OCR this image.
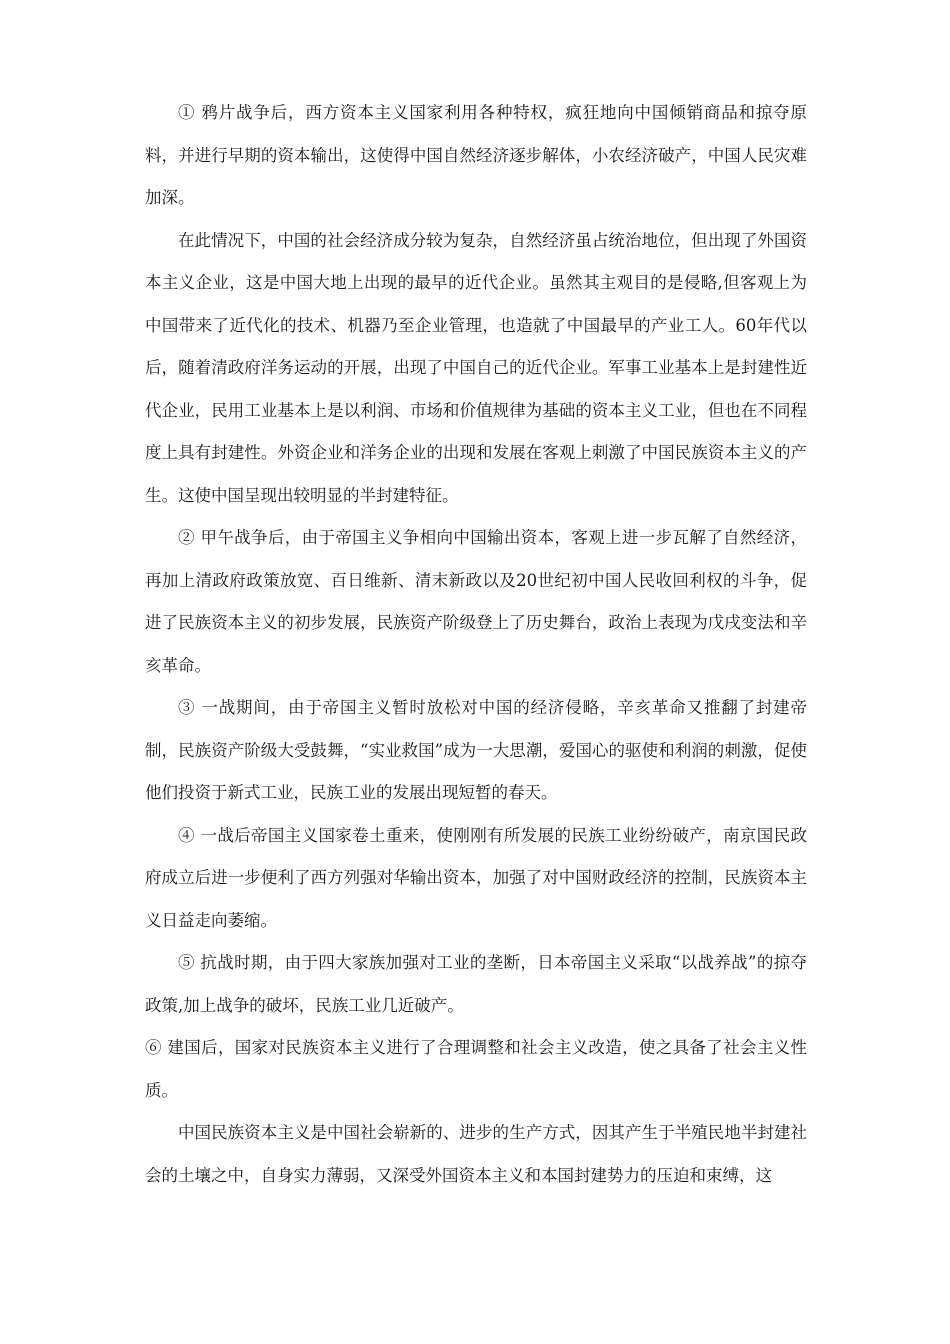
① 鸦片战争后，西方资本主义国家利用各种特权，疯狂地向中国倾销商品和掠夺原料，并进行早期的资本输出，这使得中国自然经济逐步解体，小农经济破产，中国人民灾难加深。

在此情况下，中国的社会经济成分较为复杂，自然经济虽占统治地位，但出现了外国资本主义企业，这是中国大地上出现的最早的近代企业。虽然其主观目的是侵略,但客观上为中国带来了近代化的技术、机器乃至企业管理，也造就了中国最早的产业工人。60年代以后，随着清政府洋务运动的开展，出现了中国自己的近代企业。军事工业基本上是封建性近代企业，民用工业基本上是以利润、市场和价值规律为基础的资本主义工业，但也在不同程度上具有封建性。外资企业和洋务企业的出现和发展在客观上刺激了中国民族资本主义的产生。这使中国呈现出较明显的半封建特征。

② 甲午战争后，由于帝国主义争相向中国输出资本，客观上进一步瓦解了自然经济，再加上清政府政策放宽、百日维新、清末新政以及20世纪初中国人民收回利权的斗争，促进了民族资本主义的初步发展，民族资产阶级登上了历史舞台，政治上表现为戊戌变法和辛亥革命。

③ 一战期间，由于帝国主义暂时放松对中国的经济侵略，辛亥革命又推翻了封建帝制，民族资产阶级大受鼓舞，“实业救国”成为一大思潮，爱国心的驱使和利润的刺激，促使他们投资于新式工业，民族工业的发展出现短暂的春天。

④ 一战后帝国主义国家卷土重来，使刚刚有所发展的民族工业纷纷破产，南京国民政府成立后进一步便利了西方列强对华输出资本，加强了对中国财政经济的控制，民族资本主义日益走向萎缩。

⑤ 抗战时期，由于四大家族加强对工业的垄断，日本帝国主义采取“以战养战”的掠夺政策,加上战争的破坏，民族工业几近破产。

⑥ 建国后，国家对民族资本主义进行了合理调整和社会主义改造，使之具备了社会主义性质。

中国民族资本主义是中国社会崭新的、进步的生产方式，因其产生于半殖民地半封建社会的土壤之中，自身实力薄弱，又深受外国资本主义和本国封建势力的压迫和束缚，这
